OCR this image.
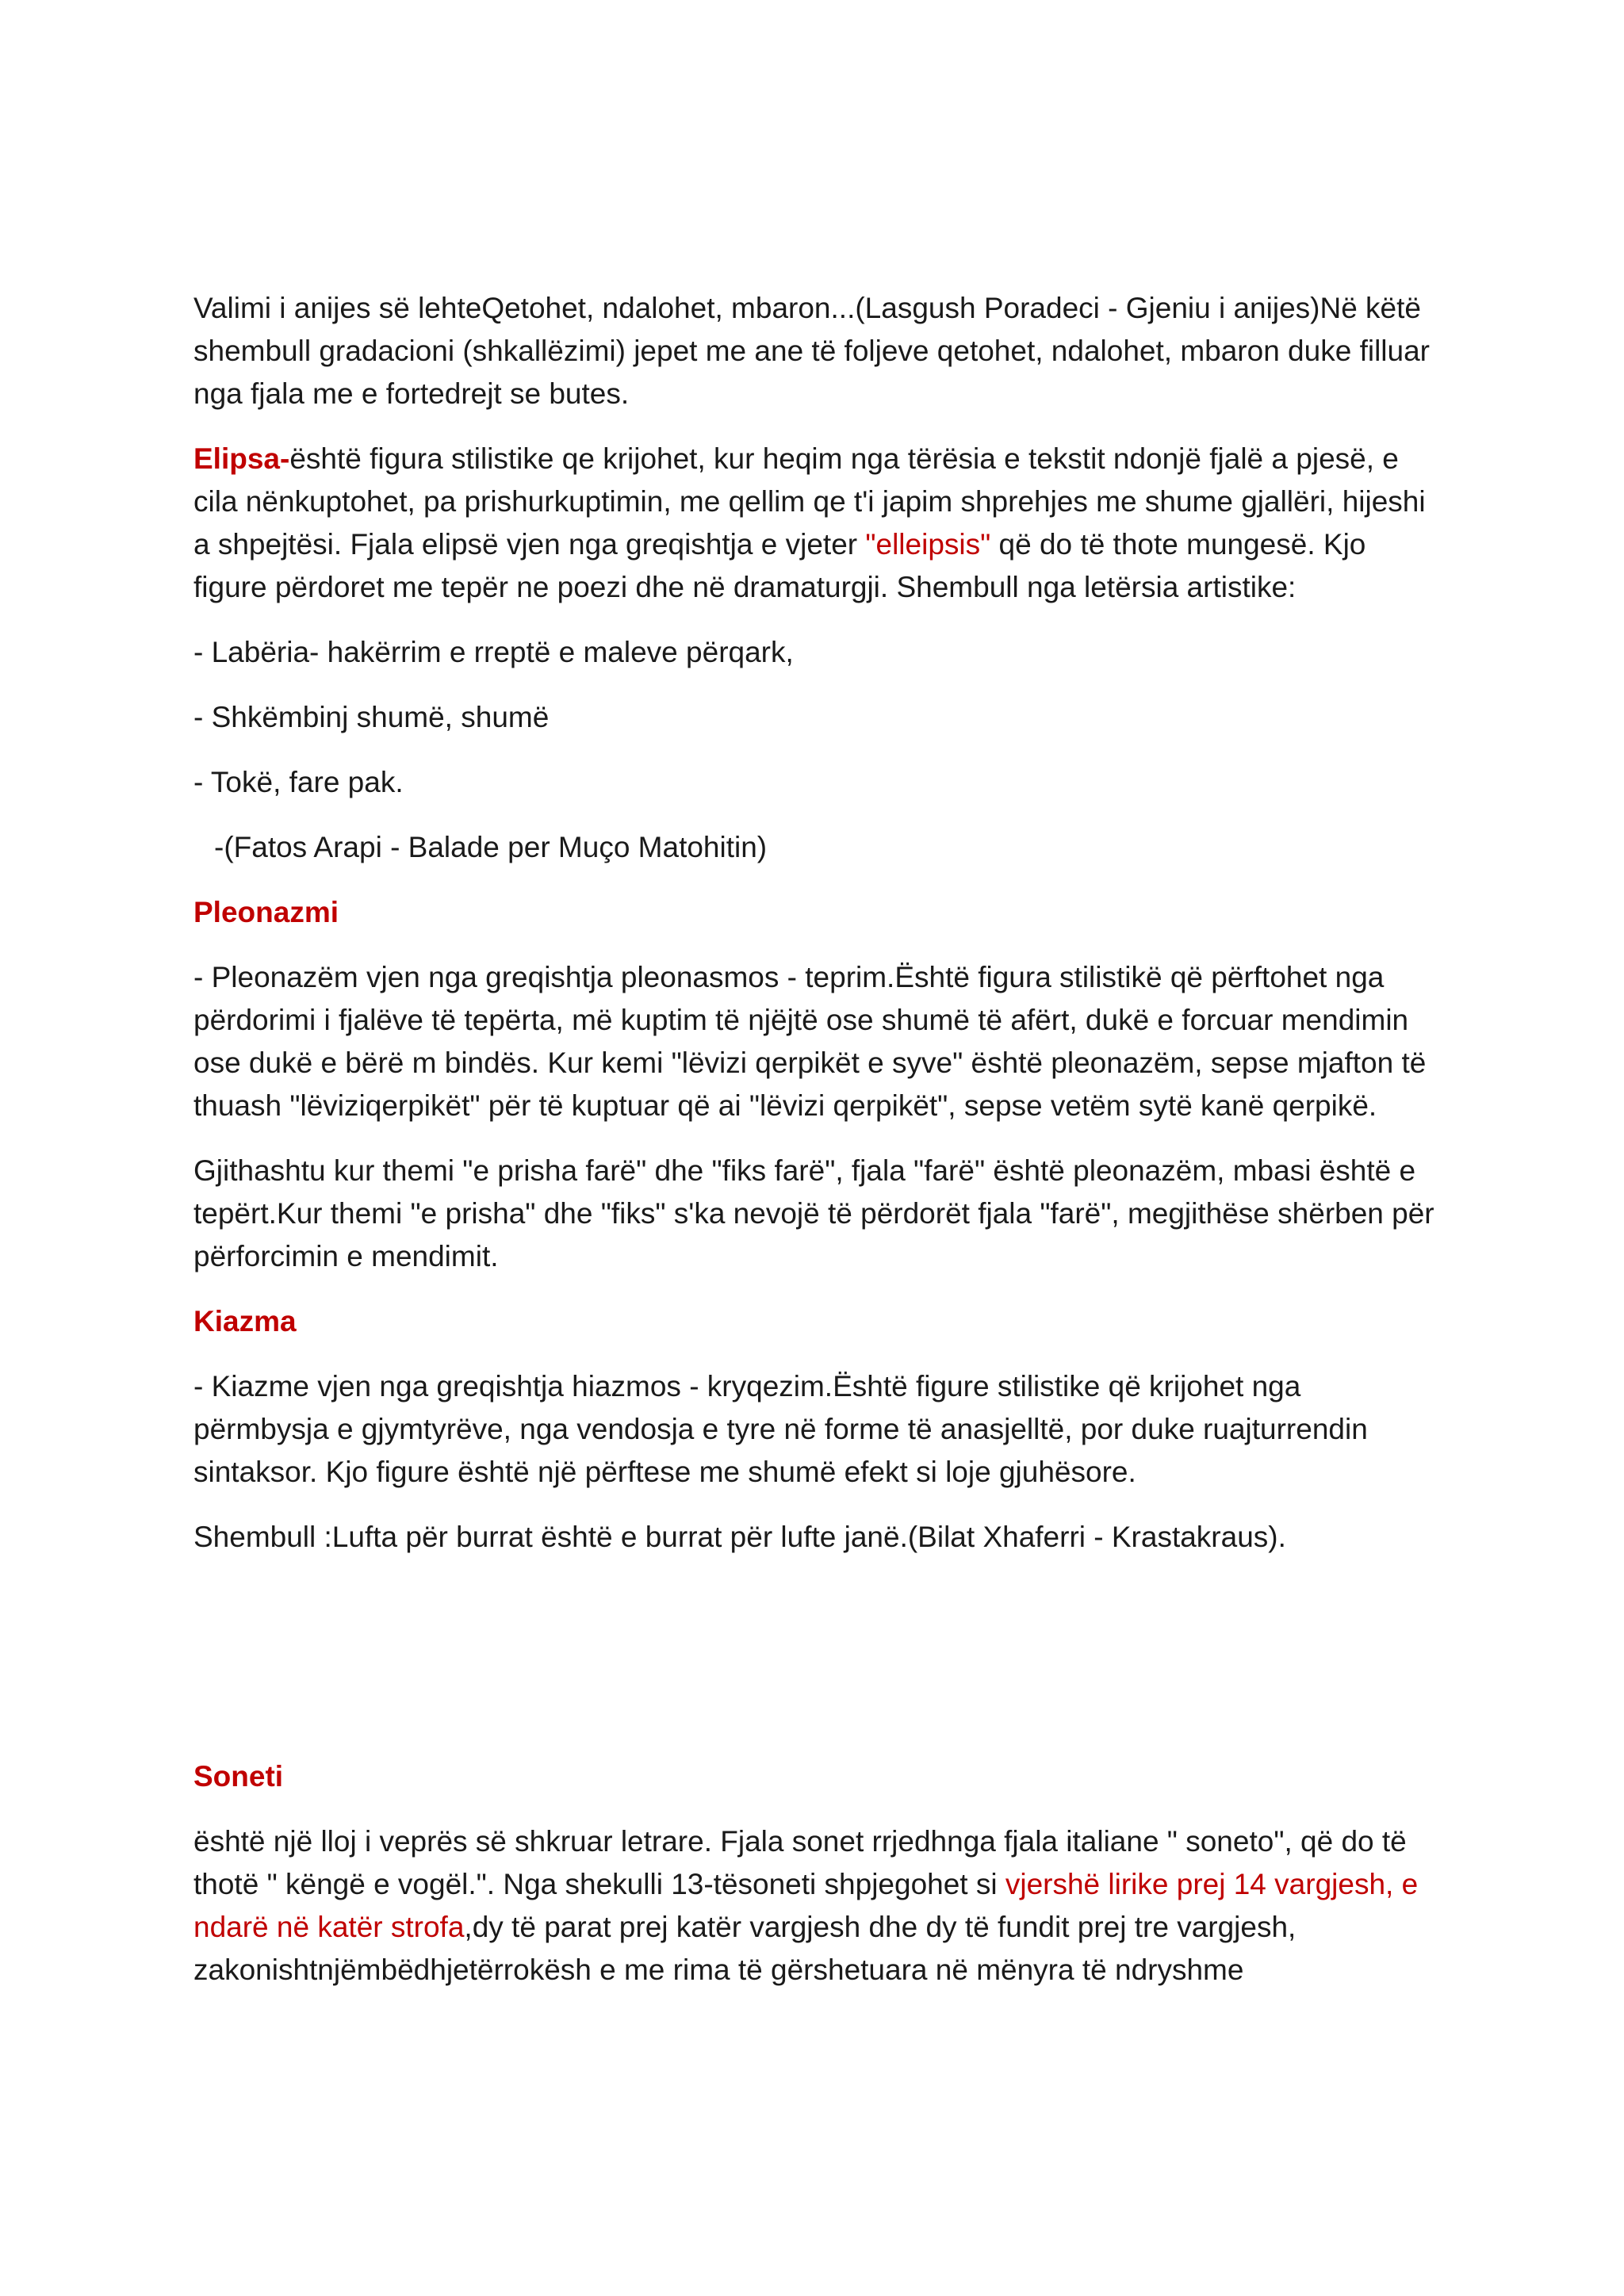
Valimi i anijes së lehteQetohet, ndalohet, mbaron...(Lasgush Poradeci - Gjeniu i anijes)Në këtë shembull gradacioni (shkallëzimi) jepet me ane të foljeve qetohet, ndalohet, mbaron duke filluar nga fjala me e fortedrejt se butes.

Elipsa-është figura stilistike qe krijohet, kur heqim nga tërësia e tekstit ndonjë fjalë a pjesë, e cila nënkuptohet, pa prishurkuptimin, me qellim qe t'i japim shprehjes me shume gjallëri, hijeshi a shpejtësi. Fjala elipsë vjen nga greqishtja e vjeter "elleipsis" që do të thote mungesë. Kjo figure përdoret me tepër ne poezi dhe në dramaturgji. Shembull nga letërsia artistike:

- Labëria- hakërrim e rreptë e maleve përqark,

- Shkëmbinj shumë, shumë

- Tokë, fare pak.

-(Fatos Arapi - Balade per Muço Matohitin)

Pleonazmi

- Pleonazëm vjen nga greqishtja pleonasmos - teprim.Është figura stilistikë që përftohet nga përdorimi i fjalëve të tepërta, më kuptim të njëjtë ose shumë të afërt, dukë e forcuar mendimin ose dukë e bërë m bindës. Kur kemi "lëvizi qerpikët e syve" është pleonazëm, sepse mjafton të thuash "lëviziqerpikët" për të kuptuar që ai "lëvizi qerpikët", sepse vetëm sytë kanë qerpikë.

Gjithashtu kur themi "e prisha farë" dhe "fiks farë", fjala "farë" është pleonazëm, mbasi është e tepërt.Kur themi "e prisha" dhe "fiks" s'ka nevojë të përdorët fjala "farë", megjithëse shërben për përforcimin e mendimit.

Kiazma

- Kiazme vjen nga greqishtja hiazmos - kryqezim.Është figure stilistike që krijohet nga përmbysja e gjymtyrëve, nga vendosja e tyre në forme të anasjelltë, por duke ruajturrendin sintaksor. Kjo figure është një përftese me shumë efekt si loje gjuhësore.

Shembull :Lufta për burrat është e burrat për lufte janë.(Bilat Xhaferri - Krastakraus).

Soneti

është një lloj i veprës së shkruar letrare. Fjala sonet rrjedhnga fjala italiane " soneto", që do të thotë " këngë e vogël.". Nga shekulli 13-tësoneti shpjegohet si vjershë lirike prej 14 vargjesh, e ndarë në katër strofa,dy të parat prej katër vargjesh dhe dy të fundit prej tre vargjesh, zakonishtnjëmbëdhjetërrokësh e me rima të gërshetuara në mënyra të ndryshme
